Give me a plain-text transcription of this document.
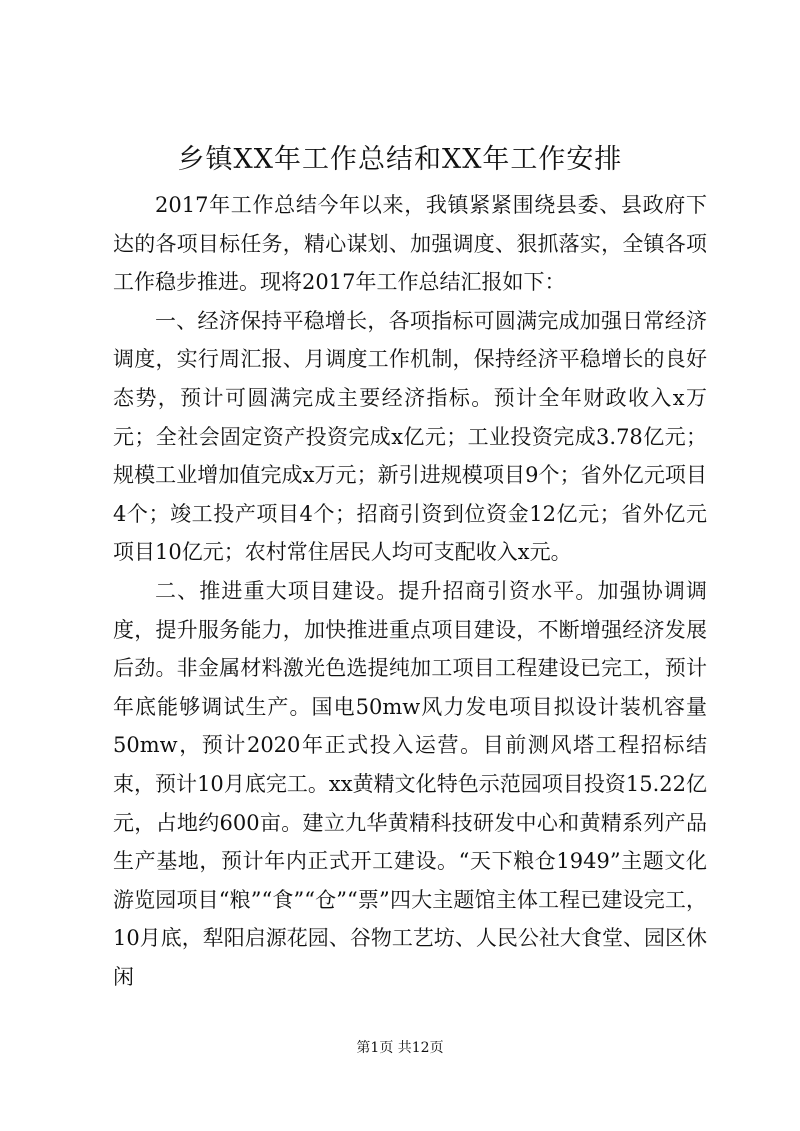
乡镇XX年工作总结和XX年工作安排

2017年工作总结今年以来，我镇紧紧围绕县委、县政府下达的各项目标任务，精心谋划、加强调度、狠抓落实，全镇各项工作稳步推进。现将2017年工作总结汇报如下：

一、经济保持平稳增长，各项指标可圆满完成加强日常经济调度，实行周汇报、月调度工作机制，保持经济平稳增长的良好态势，预计可圆满完成主要经济指标。预计全年财政收入x万元；全社会固定资产投资完成x亿元；工业投资完成3.78亿元；规模工业增加值完成x万元；新引进规模项目9个；省外亿元项目4个；竣工投产项目4个；招商引资到位资金12亿元；省外亿元项目10亿元；农村常住居民人均可支配收入x元。

二、推进重大项目建设。提升招商引资水平。加强协调调度，提升服务能力，加快推进重点项目建设，不断增强经济发展后劲。非金属材料激光色选提纯加工项目工程建设已完工，预计年底能够调试生产。国电50mw风力发电项目拟设计装机容量50mw，预计2020年正式投入运营。目前测风塔工程招标结束，预计10月底完工。xx黄精文化特色示范园项目投资15.22亿元，占地约600亩。建立九华黄精科技研发中心和黄精系列产品生产基地，预计年内正式开工建设。“天下粮仓1949”主题文化游览园项目“粮”“食”“仓”“票”四大主题馆主体工程已建设完工，10月底，犁阳启源花园、谷物工艺坊、人民公社大食堂、园区休闲

第1页 共12页
